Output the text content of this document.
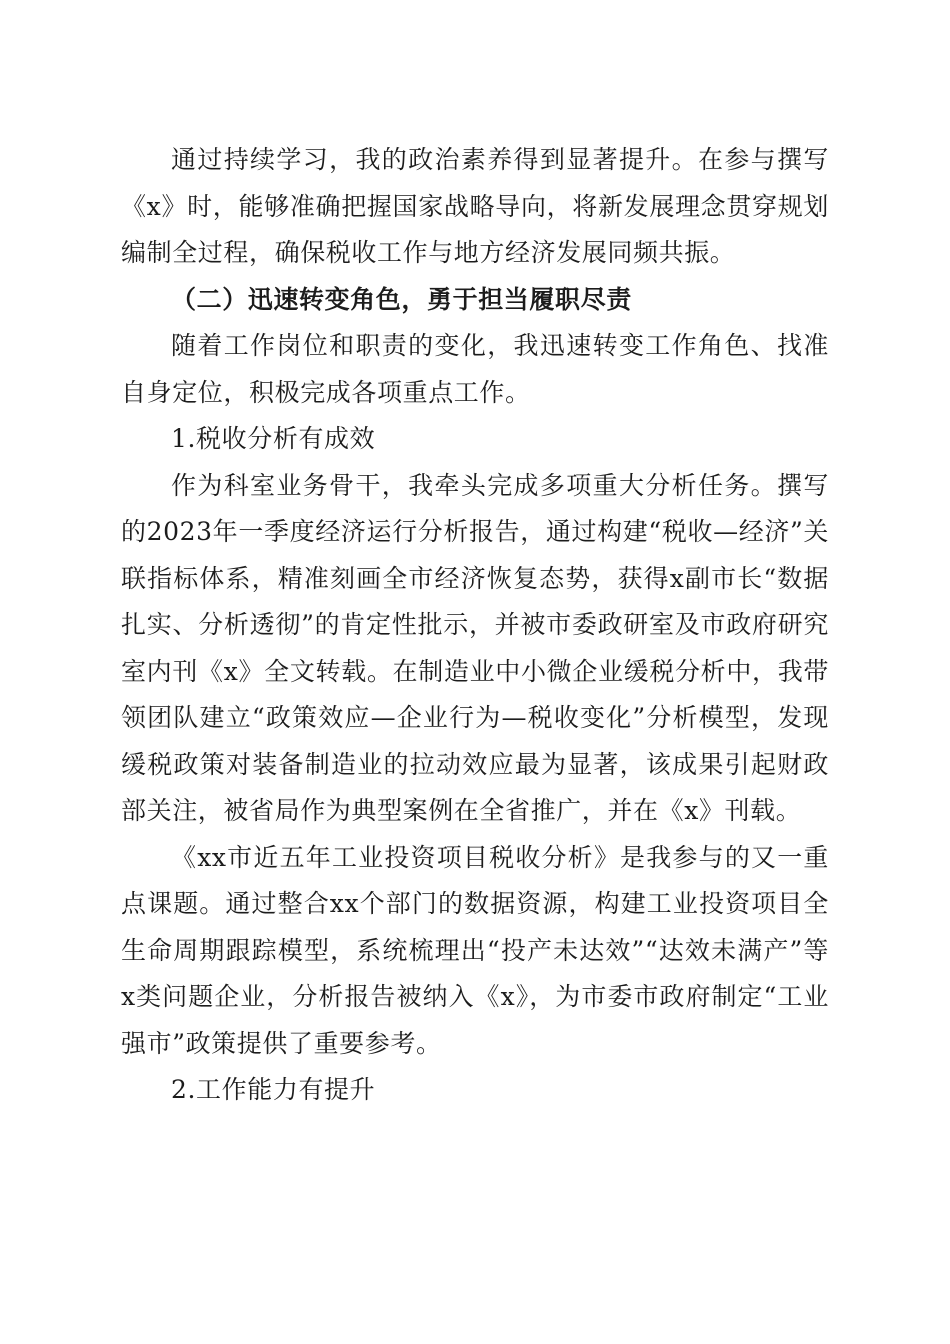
通过持续学习，我的政治素养得到显著提升。在参与撰写《x》时，能够准确把握国家战略导向，将新发展理念贯穿规划编制全过程，确保税收工作与地方经济发展同频共振。

（二）迅速转变角色，勇于担当履职尽责

随着工作岗位和职责的变化，我迅速转变工作角色、找准自身定位，积极完成各项重点工作。

1.税收分析有成效

作为科室业务骨干，我牵头完成多项重大分析任务。撰写的2023年一季度经济运行分析报告，通过构建“税收—经济”关联指标体系，精准刻画全市经济恢复态势，获得x副市长“数据扎实、分析透彻”的肯定性批示，并被市委政研室及市政府研究室内刊《x》全文转载。在制造业中小微企业缓税分析中，我带领团队建立“政策效应—企业行为—税收变化”分析模型，发现缓税政策对装备制造业的拉动效应最为显著，该成果引起财政部关注，被省局作为典型案例在全省推广，并在《x》刊载。

《xx市近五年工业投资项目税收分析》是我参与的又一重点课题。通过整合xx个部门的数据资源，构建工业投资项目全生命周期跟踪模型，系统梳理出“投产未达效”“达效未满产”等x类问题企业，分析报告被纳入《x》，为市委市政府制定“工业强市”政策提供了重要参考。

2.工作能力有提升
